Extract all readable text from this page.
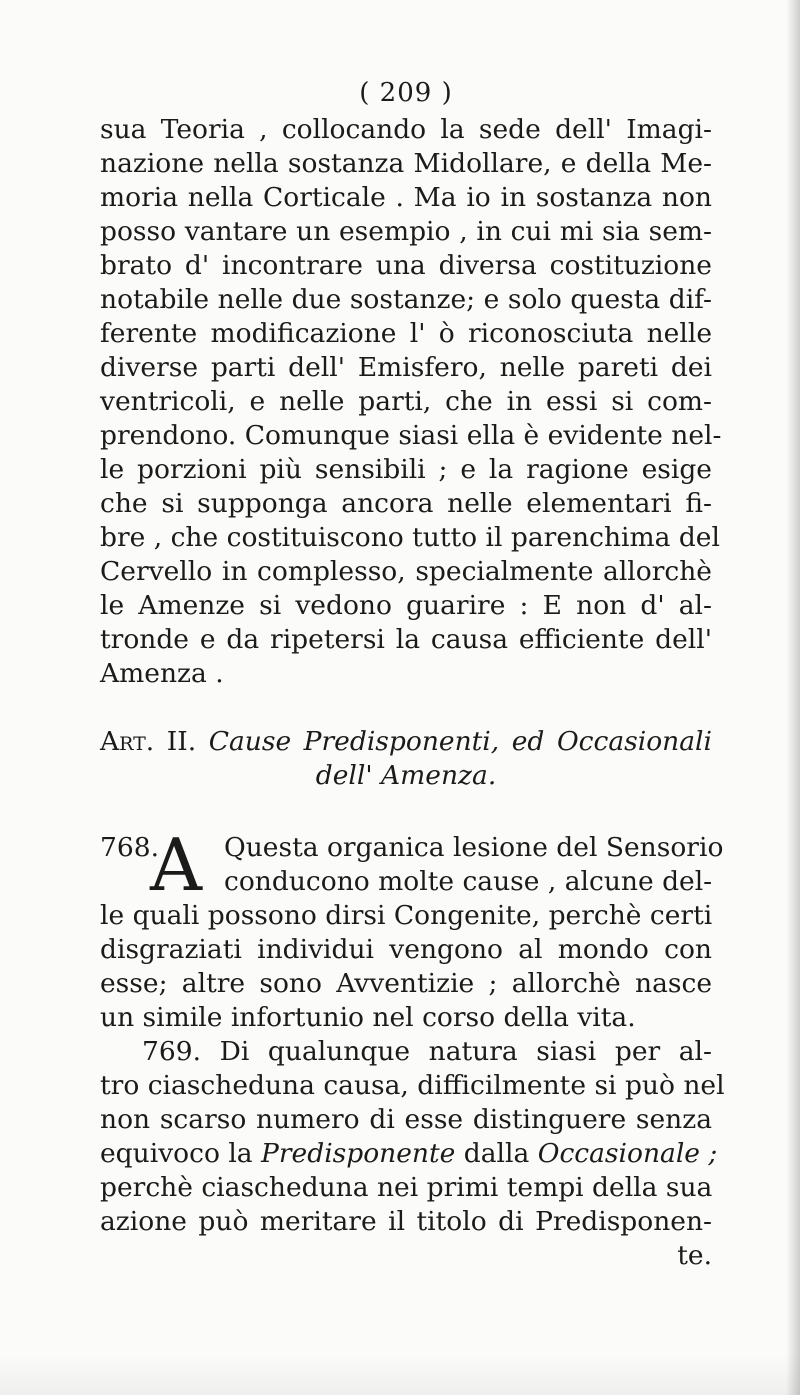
( 209 )
sua Teoria , collocando la sede dell' Imagi-
nazione nella sostanza Midollare, e della Me-
moria nella Corticale . Ma io in sostanza non
posso vantare un esempio , in cui mi sia sem-
brato d' incontrare una diversa costituzione
notabile nelle due sostanze; e solo questa dif-
ferente modificazione l' ò riconosciuta nelle
diverse parti dell' Emisfero, nelle pareti dei
ventricoli, e nelle parti, che in essi si com-
prendono. Comunque siasi ella è evidente nel-
le porzioni più sensibili ; e la ragione esige
che si supponga ancora nelle elementari fi-
bre , che costituiscono tutto il parenchima del
Cervello in complesso, specialmente allorchè
le Amenze si vedono guarire : E non d' al-
tronde e da ripetersi la causa efficiente dell'
Amenza .
Art. II. Cause Predisponenti, ed Occasionali
dell' Amenza.
768.
A Questa organica lesione del Sensorio
conducono molte cause , alcune del-
le quali possono dirsi Congenite, perchè certi
disgraziati individui vengono al mondo con
esse; altre sono Avventizie ; allorchè nasce
un simile infortunio nel corso della vita.
769. Di qualunque natura siasi per al-
tro ciascheduna causa, difficilmente si può nel
non scarso numero di esse distinguere senza
equivoco la Predisponente dalla Occasionale ;
perchè ciascheduna nei primi tempi della sua
azione può meritare il titolo di Predisponen-
te.
